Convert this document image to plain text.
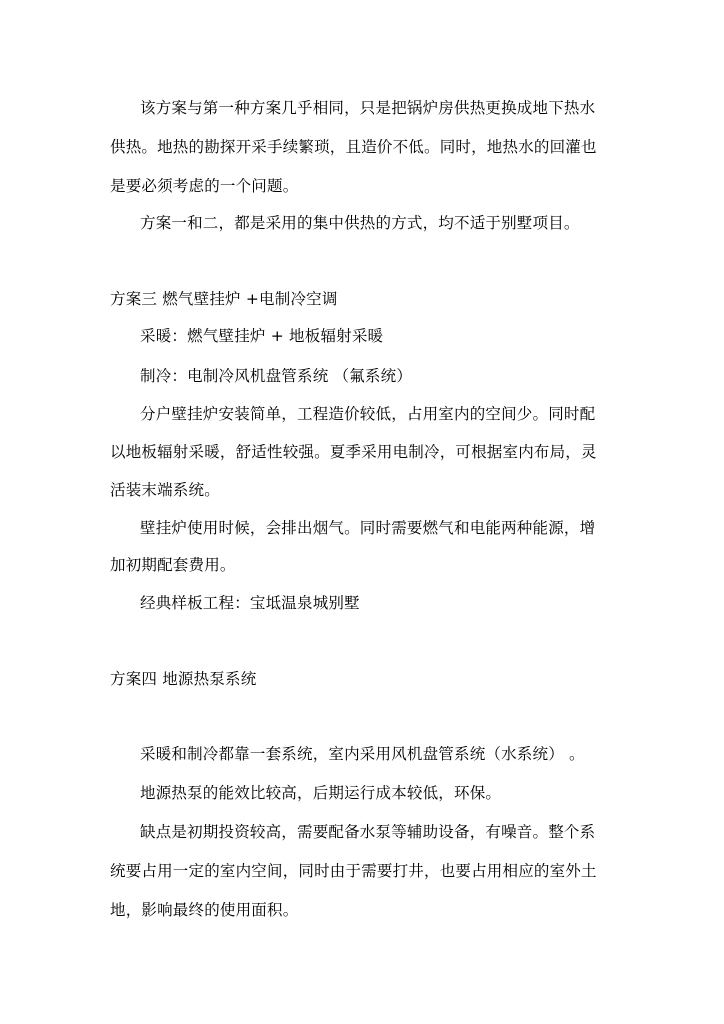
该方案与第一种方案几乎相同，只是把锅炉房供热更换成地下热水
供热。地热的勘探开采手续繁琐，且造价不低。同时，地热水的回灌也
是要必须考虑的一个问题。
方案一和二，都是采用的集中供热的方式，均不适于别墅项目。
方案三 燃气壁挂炉 +电制冷空调
采暖：燃气壁挂炉 + 地板辐射采暖
制冷：电制冷风机盘管系统 （氟系统）
分户壁挂炉安装简单，工程造价较低，占用室内的空间少。同时配
以地板辐射采暖，舒适性较强。夏季采用电制冷，可根据室内布局，灵
活装末端系统。
壁挂炉使用时候，会排出烟气。同时需要燃气和电能两种能源，增
加初期配套费用。
经典样板工程：宝坻温泉城别墅
方案四 地源热泵系统
采暖和制冷都靠一套系统，室内采用风机盘管系统（水系统） 。
地源热泵的能效比较高，后期运行成本较低，环保。
缺点是初期投资较高，需要配备水泵等辅助设备，有噪音。整个系
统要占用一定的室内空间，同时由于需要打井，也要占用相应的室外土
地，影响最终的使用面积。
